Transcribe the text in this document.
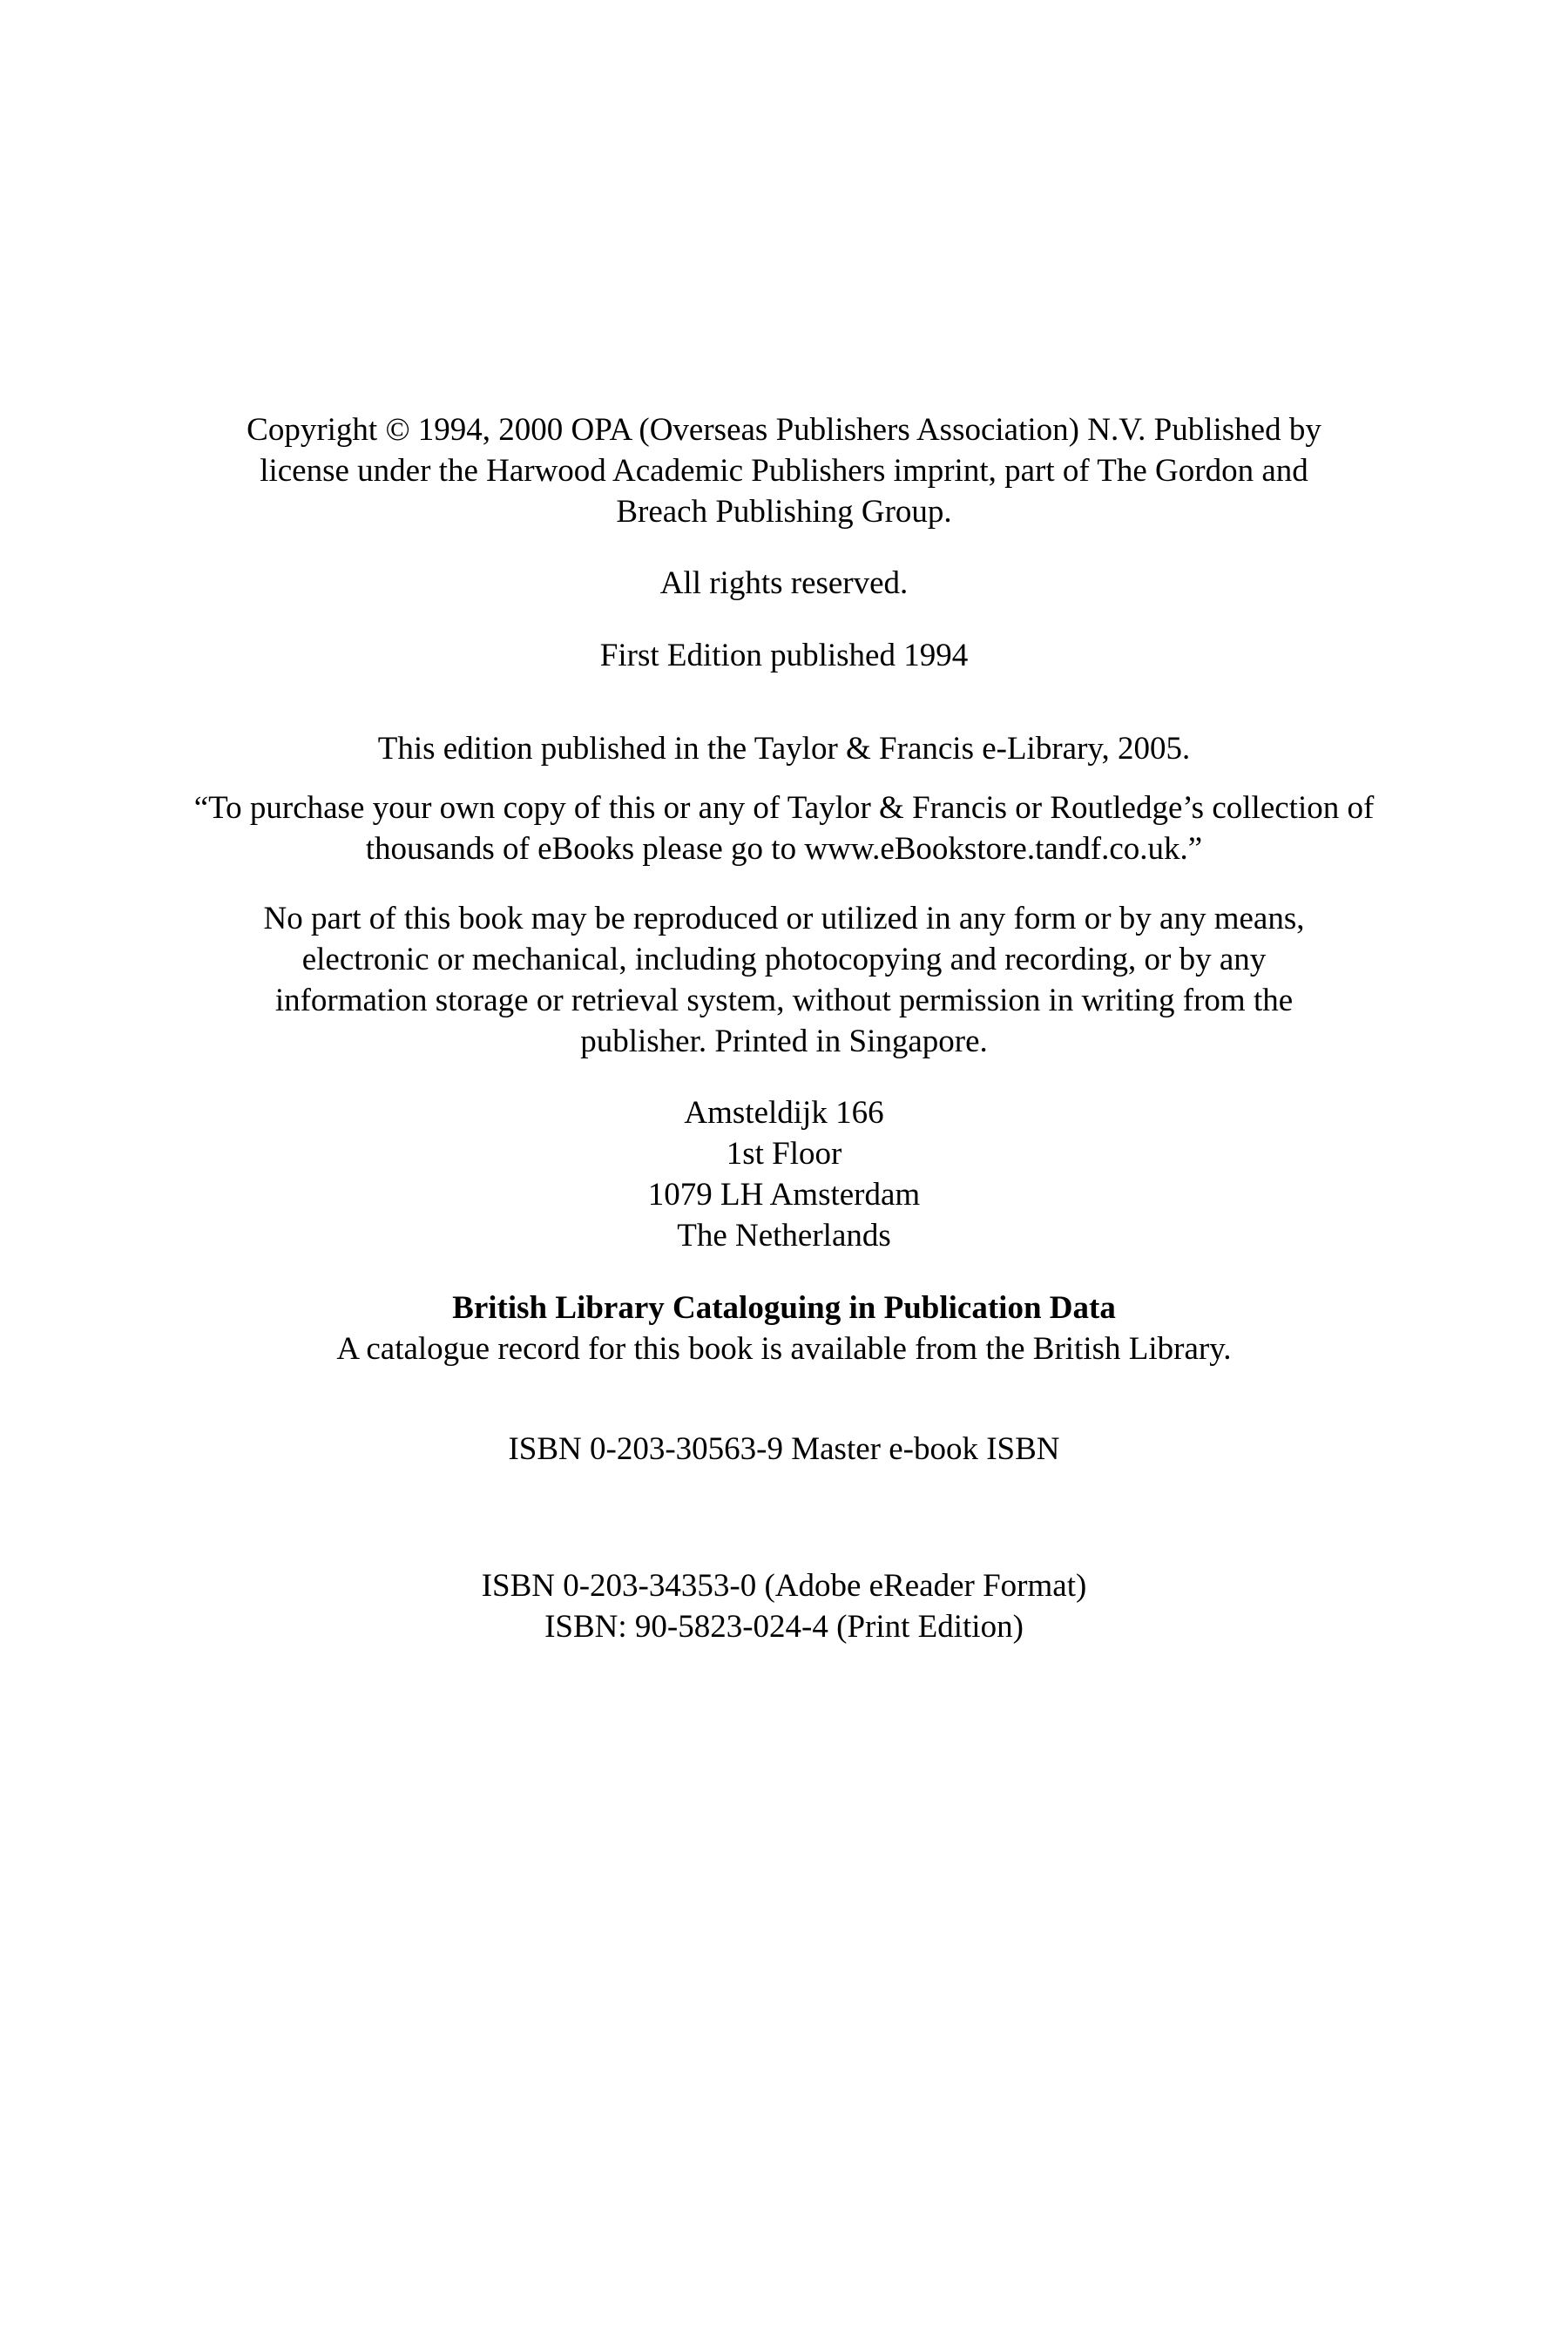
Copyright © 1994, 2000 OPA (Overseas Publishers Association) N.V. Published by
license under the Harwood Academic Publishers imprint, part of The Gordon and
Breach Publishing Group.
All rights reserved.
First Edition published 1994
This edition published in the Taylor & Francis e-Library, 2005.
“To purchase your own copy of this or any of Taylor & Francis or Routledge’s collection of
thousands of eBooks please go to www.eBookstore.tandf.co.uk.”
No part of this book may be reproduced or utilized in any form or by any means,
electronic or mechanical, including photocopying and recording, or by any
information storage or retrieval system, without permission in writing from the
publisher. Printed in Singapore.
Amsteldijk 166
1st Floor
1079 LH Amsterdam
The Netherlands
British Library Cataloguing in Publication Data
A catalogue record for this book is available from the British Library.
ISBN 0-203-30563-9 Master e-book ISBN
ISBN 0-203-34353-0 (Adobe eReader Format)
ISBN: 90-5823-024-4 (Print Edition)
